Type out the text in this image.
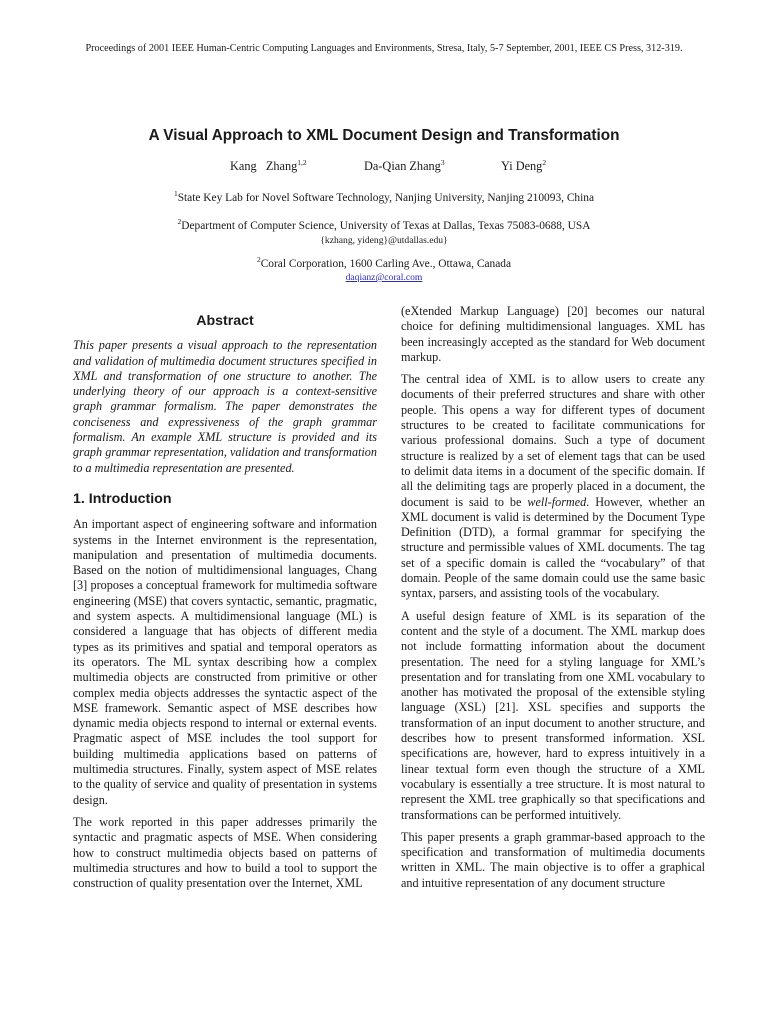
Proceedings of 2001 IEEE Human-Centric Computing Languages and Environments, Stresa, Italy, 5-7 September, 2001, IEEE CS Press, 312-319.
A Visual Approach to XML Document Design and Transformation
Kang   Zhang$^{1,2}$	Da-Qian Zhang$^3$	Yi Deng$^2$
$^1$State Key Lab for Novel Software Technology, Nanjing University, Nanjing 210093, China
$^2$Department of Computer Science, University of Texas at Dallas, Texas 75083-0688, USA
{kzhang, yideng}@utdallas.edu}
$^2$Coral Corporation, 1600 Carling Ave., Ottawa, Canada
daqianz@coral.com
Abstract

This paper presents a visual approach to the representation and validation of multimedia document structures specified in XML and transformation of one structure to another. The underlying theory of our approach is a context-sensitive graph grammar formalism. The paper demonstrates the conciseness and expressiveness of the graph grammar formalism. An example XML structure is provided and its graph grammar representation, validation and transformation to a multimedia representation are presented.

1. Introduction

An important aspect of engineering software and information systems in the Internet environment is the representation, manipulation and presentation of multimedia documents. Based on the notion of multidimensional languages, Chang [3] proposes a conceptual framework for multimedia software engineering (MSE) that covers syntactic, semantic, pragmatic, and system aspects. A multidimensional language (ML) is considered a language that has objects of different media types as its primitives and spatial and temporal operators as its operators. The ML syntax describing how a complex multimedia objects are constructed from primitive or other complex media objects addresses the syntactic aspect of the MSE framework. Semantic aspect of MSE describes how dynamic media objects respond to internal or external events. Pragmatic aspect of MSE includes the tool support for building multimedia applications based on patterns of multimedia structures. Finally, system aspect of MSE relates to the quality of service and quality of presentation in systems design.

The work reported in this paper addresses primarily the syntactic and pragmatic aspects of MSE. When considering how to construct multimedia objects based on patterns of multimedia structures and how to build a tool to support the construction of quality presentation over the Internet, XML

(eXtended Markup Language) [20] becomes our natural choice for defining multidimensional languages. XML has been increasingly accepted as the standard for Web document markup.

The central idea of XML is to allow users to create any documents of their preferred structures and share with other people. This opens a way for different types of document structures to be created to facilitate communications for various professional domains. Such a type of document structure is realized by a set of element tags that can be used to delimit data items in a document of the specific domain. If all the delimiting tags are properly placed in a document, the document is said to be well-formed. However, whether an XML document is valid is determined by the Document Type Definition (DTD), a formal grammar for specifying the structure and permissible values of XML documents. The tag set of a specific domain is called the “vocabulary” of that domain. People of the same domain could use the same basic syntax, parsers, and assisting tools of the vocabulary.

A useful design feature of XML is its separation of the content and the style of a document. The XML markup does not include formatting information about the document presentation. The need for a styling language for XML’s presentation and for translating from one XML vocabulary to another has motivated the proposal of the extensible styling language (XSL) [21]. XSL specifies and supports the transformation of an input document to another structure, and describes how to present transformed information. XSL specifications are, however, hard to express intuitively in a linear textual form even though the structure of a XML vocabulary is essentially a tree structure. It is most natural to represent the XML tree graphically so that specifications and transformations can be performed intuitively.

This paper presents a graph grammar-based approach to the specification and transformation of multimedia documents written in XML. The main objective is to offer a graphical and intuitive representation of any document structure
